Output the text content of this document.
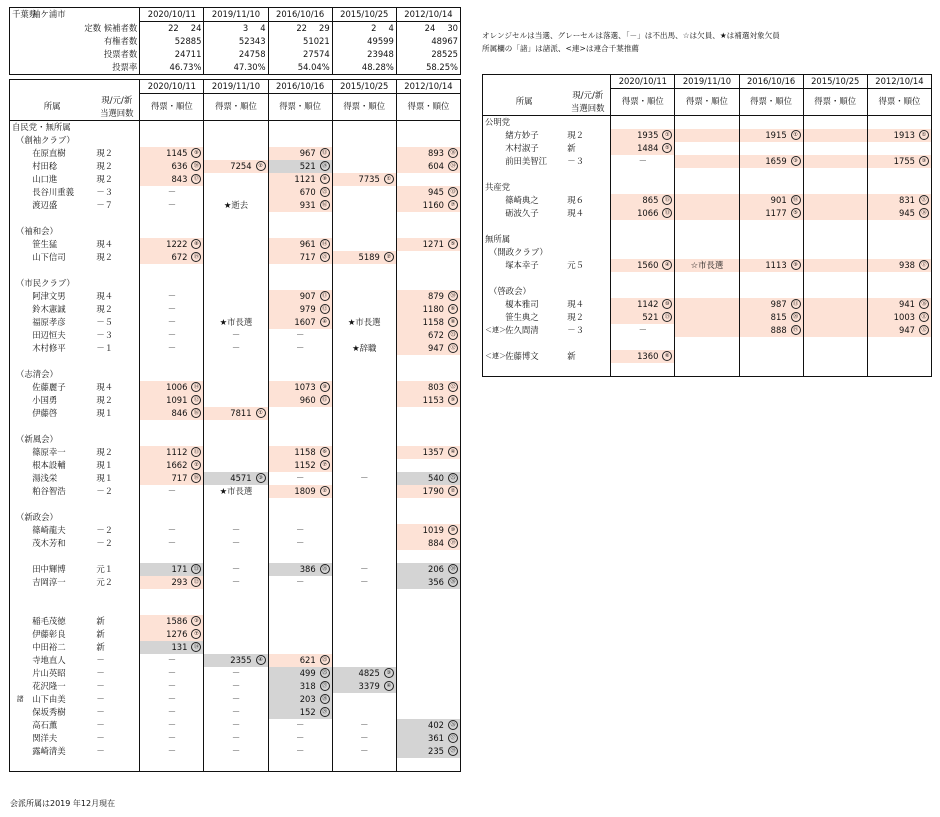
千葉県	袖ケ浦市		2020/10/11	2019/11/10	2016/10/16	2015/10/25	2012/10/14
定数 候補者数			22 24	3 4	22 29	2 4	24 30
有権者数			52885	52343	51021	49599	48967
投票者数			24711	24758	27574	23948	28525
投票率			46.73%	47.30%	54.04%	48.28%	58.25%

			2020/10/11	2019/11/10	2016/10/16	2015/10/25	2012/10/14
所属		現/元/新	得票・順位	得票・順位	得票・順位	得票・順位	得票・順位
		当選回数					
自民党・無所属							
（創袖クラブ）							
	在原直樹	現２	1145 ⑨		967 ⑬		893 ⑱
	村田稔	現２	636 ⑳	7254 ②	521 ㉔		604 ㉔
	山口進	現２	843 ⑰		1121 ⑧	7735 ①	
	長谷川重義	－３	－		670 ㉒		945 ⑬
	渡辺盛	－７	－	★逝去	931 ⑯		1160 ⑦

（袖和会）							
	笹生猛	現４	1222 ⑧		961 ⑭		1271 ⑤
	山下信司	現２	672 ⑲		717 ㉑	5189 ②	

（市民クラブ）							
	阿津文男	現４	－		907 ⑰		879 ⑳
	鈴木憲誠	現２	－		979 ⑫		1180 ⑥
	福原孝彦	－５	－	★市長選	1607 ④	★市長選	1158 ⑧
	田辺恒夫	－３	－	－	－		672 ㉓
	木村修平	－１	－	－	－	★辞職	947 ⑫

（志清会）							
	佐藤麗子	現４	1006 ⑭		1073 ⑩		803 ㉒
	小国勇	現２	1091 ⑫		960 ⑮		1153 ⑨
	伊藤啓	現１	846 ⑯	7811 ①			

（新風会）							
	篠原幸一	現２	1112 ⑪		1158 ⑥		1357 ④
	根本設輔	現１	1662 ②		1152 ⑦		
	湯浅栄	現１	717 ⑱	4571 ③	－	－	540 ㉕
	粕谷智浩	－２	－	★市長選	1809 ②		1790 ②

（新政会）							
	篠崎龍夫	－２	－	－	－		1019 ⑩
	茂木芳和	－２	－	－	－		884 ⑲

	田中輝博	元１	171 ㉓	－	386 ㉖	－	206 ㉚
	吉岡淳一	元２	293 ㉒	－	－	－	356 ㉘

	稲毛茂徳	新	1586 ③				
	伊藤彰良	新	1276 ⑦				
	中田裕二	新	131 ㉔				
	寺地直人	－	－	2355 ④	621 ㉓		
	片山英昭	－	－	－	499 ㉕	4825 ③	
	花沢隆一	－	－	－	318 ㉗	3379 ④	
諸	山下由美	－	－	－	203 ㉘		
	保坂秀樹	－	－	－	152 ㉙		
	高石薫	－	－	－	－	－	402 ㉖
	関洋夫	－	－	－	－	－	361 ㉗
	露崎清美	－	－	－	－	－	235 ㉙

			2020/10/11	2019/11/10	2016/10/16	2015/10/25	2012/10/14
所属		現/元/新	得票・順位	得票・順位	得票・順位	得票・順位	得票・順位
		当選回数					
公明党							
	緒方妙子	現２	1935 ①		1915 ①		1913 ①
	木村淑子	新	1484 ⑤				
	前田美智江	－３	－		1659 ③		1755 ③

共産党							
	篠崎典之	現６	865 ⑮		901 ⑱		831 ㉑
	砺波久子	現４	1066 ⑬		1177 ⑤		945 ⑭

無所属							
（開政クラブ）							
	塚本幸子	元５	1560 ④	☆市長選	1113 ⑨		938 ⑰

（啓政会）							
	榎本雅司	現４	1142 ⑩		987 ⑪		941 ⑯
	笹生典之	現２	521 ㉑		815 ⑳		1003 ⑪
＜連＞	佐久間清	－３	－		888 ⑲		947 ⑫

＜連＞	佐藤博文	新	1360 ⑥				

オレンジセルは当選、グレーセルは落選、「－」は不出馬、☆は欠員、★は補選対象欠員
所属欄の「諸」は諸派、<連>は連合千葉推薦
会派所属は2019 年12月現在
